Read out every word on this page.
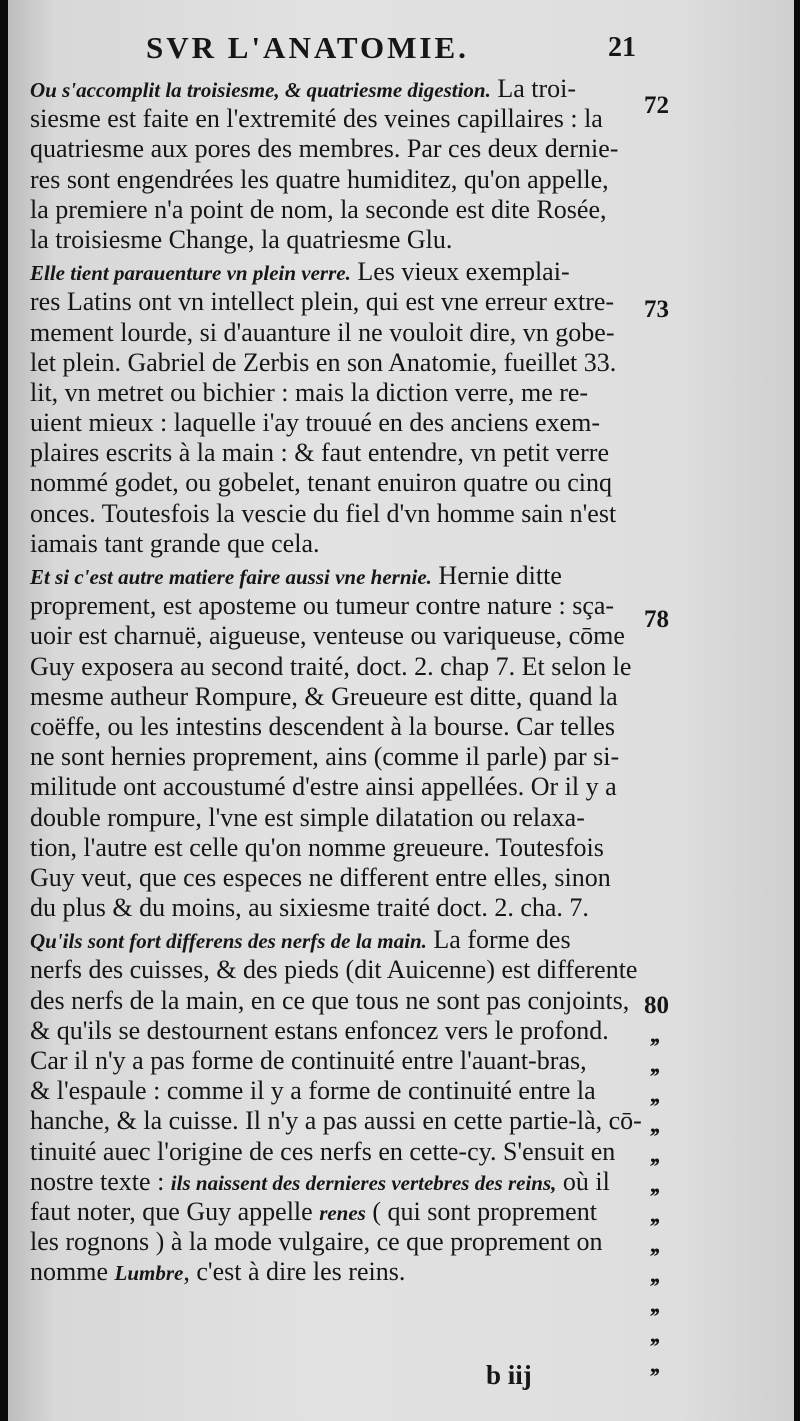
SVR L'ANATOMIE.	21
Ou s'accomplit la troisiesme, & quatriesme digestion. La troi-
siesme est faite en l'extremité des veines capillaires : la
quatriesme aux pores des membres. Par ces deux dernie-
res sont engendrées les quatre humiditez, qu'on appelle,
la premiere n'a point de nom, la seconde est dite Rosée,
la troisiesme Change, la quatriesme Glu.
Elle tient parauenture vn plein verre. Les vieux exemplai-
res Latins ont vn intellect plein, qui est vne erreur extre-
mement lourde, si d'auanture il ne vouloit dire, vn gobe-
let plein. Gabriel de Zerbis en son Anatomie, fueillet 33.
lit, vn metret ou bichier : mais la diction verre, me re-
uient mieux : laquelle i'ay trouué en des anciens exem-
plaires escrits à la main : & faut entendre, vn petit verre
nommé godet, ou gobelet, tenant enuiron quatre ou cinq
onces. Toutesfois la vescie du fiel d'vn homme sain n'est
iamais tant grande que cela.
Et si c'est autre matiere faire aussi vne hernie. Hernie ditte
proprement, est aposteme ou tumeur contre nature : sça-
uoir est charnuë, aigueuse, venteuse ou variqueuse, cōme
Guy exposera au second traité, doct. 2. chap 7. Et selon le
mesme autheur Rompure, & Greueure est ditte, quand la
coëffe, ou les intestins descendent à la bourse. Car telles
ne sont hernies proprement, ains (comme il parle) par si-
militude ont accoustumé d'estre ainsi appellées. Or il y a
double rompure, l'vne est simple dilatation ou relaxa-
tion, l'autre est celle qu'on nomme greueure. Toutesfois
Guy veut, que ces especes ne different entre elles, sinon
du plus & du moins, au sixiesme traité doct. 2. cha. 7.
Qu'ils sont fort differens des nerfs de la main. La forme des
nerfs des cuisses, & des pieds (dit Auicenne) est differente
des nerfs de la main, en ce que tous ne sont pas conjoints,
& qu'ils se destournent estans enfoncez vers le profond.
Car il n'y a pas forme de continuité entre l'auant-bras,
& l'espaule : comme il y a forme de continuité entre la
hanche, & la cuisse. Il n'y a pas aussi en cette partie-là, cō-
tinuité auec l'origine de ces nerfs en cette-cy. S'ensuit en
nostre texte : ils naissent des dernieres vertebres des reins, où il
faut noter, que Guy appelle renes ( qui sont proprement
les rognons ) à la mode vulgaire, ce que proprement on
nomme Lumbre, c'est à dire les reins.
72
73
78
80
,,
,,
,,
,,
,,
,,
,,
,,
,,
,,
,,
,,
b iij
